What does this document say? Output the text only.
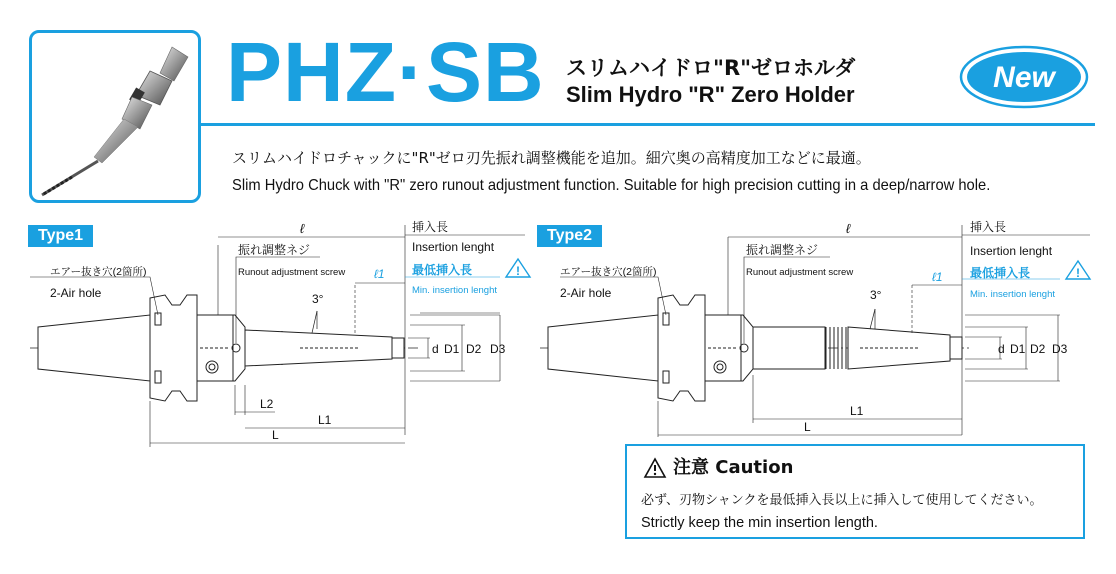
PHZ·SB スリムハイドロ"R"ゼロホルダ
Slim Hydro "R" Zero Holder
New
スリムハイドロチャックに"R"ゼロ刃先振れ調整機能を追加。細穴奥の高精度加工などに最適。
Slim Hydro Chuck with "R" zero runout adjustment function. Suitable for high precision cutting in a deep/narrow hole.
Type1	Type2
!
ℓ	挿入長
Insertion lenght
振れ調整ネジ
Runout adjustment screw ℓ1 最低挿入長
Min. insertion lenght
エアー抜き穴(2箇所)
2-Air hole	3°
d D1 D2 D3
L2
L1
L
!
ℓ	挿入長
Insertion lenght
振れ調整ネジ
Runout adjustment screw	ℓ1 最低挿入長
Min. insertion lenght
エアー抜き穴(2箇所)
2-Air hole	3°
d D1 D2 D3
L1
L
注意 Caution
必ず、刃物シャンクを最低挿入長以上に挿入して使用してください。
Strictly keep the min insertion length.
